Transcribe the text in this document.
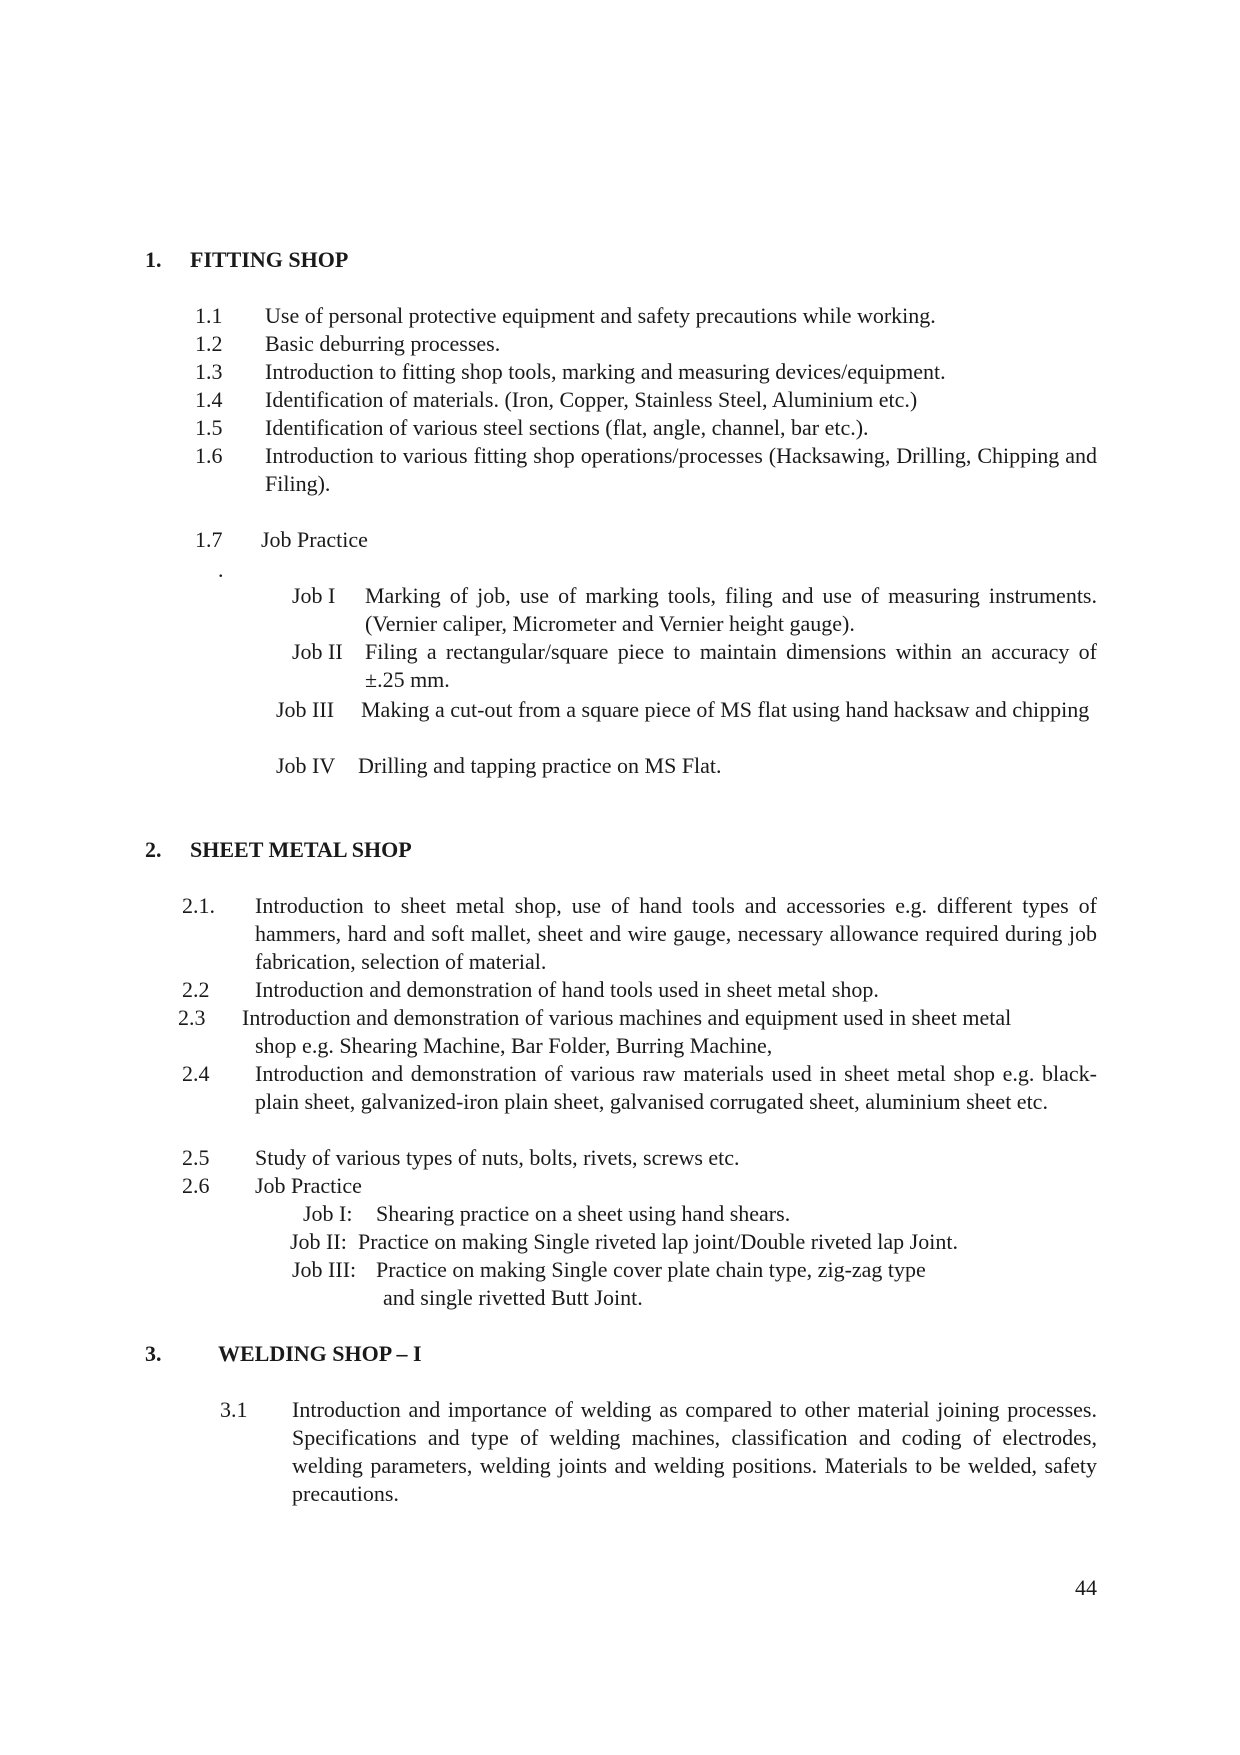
1. FITTING SHOP
1.1 Use of personal protective equipment and safety precautions while working.
1.2 Basic deburring processes.
1.3 Introduction to fitting shop tools, marking and measuring devices/equipment.
1.4 Identification of materials. (Iron, Copper, Stainless Steel, Aluminium etc.)
1.5 Identification of various steel sections (flat, angle, channel, bar etc.).
1.6 Introduction to various fitting shop operations/processes (Hacksawing, Drilling, Chipping and Filing).
1.7 Job Practice
.
Job I Marking of job, use of marking tools, filing and use of measuring instruments. (Vernier caliper, Micrometer and Vernier height gauge).
Job II Filing a rectangular/square piece to maintain dimensions within an accuracy of ±.25 mm.
Job III Making a cut-out from a square piece of MS flat using hand hacksaw and chipping
Job IV Drilling and tapping practice on MS Flat.
2. SHEET METAL SHOP
2.1. Introduction to sheet metal shop, use of hand tools and accessories e.g. different types of hammers, hard and soft mallet, sheet and wire gauge, necessary allowance required during job fabrication, selection of material.
2.2 Introduction and demonstration of hand tools used in sheet metal shop.
2.3 Introduction and demonstration of various machines and equipment used in sheet metal
shop e.g. Shearing Machine, Bar Folder, Burring Machine,
2.4 Introduction and demonstration of various raw materials used in sheet metal shop e.g. black-plain sheet, galvanized-iron plain sheet, galvanised corrugated sheet, aluminium sheet etc.
2.5 Study of various types of nuts, bolts, rivets, screws etc.
2.6 Job Practice
Job I: Shearing practice on a sheet using hand shears.
Job II: Practice on making Single riveted lap joint/Double riveted lap Joint.
Job III: Practice on making Single cover plate chain type, zig-zag type
and single rivetted Butt Joint.
3.	WELDING SHOP – I
3.1 Introduction and importance of welding as compared to other material joining processes. Specifications and type of welding machines, classification and coding of electrodes, welding parameters, welding joints and welding positions. Materials to be welded, safety precautions.
44
